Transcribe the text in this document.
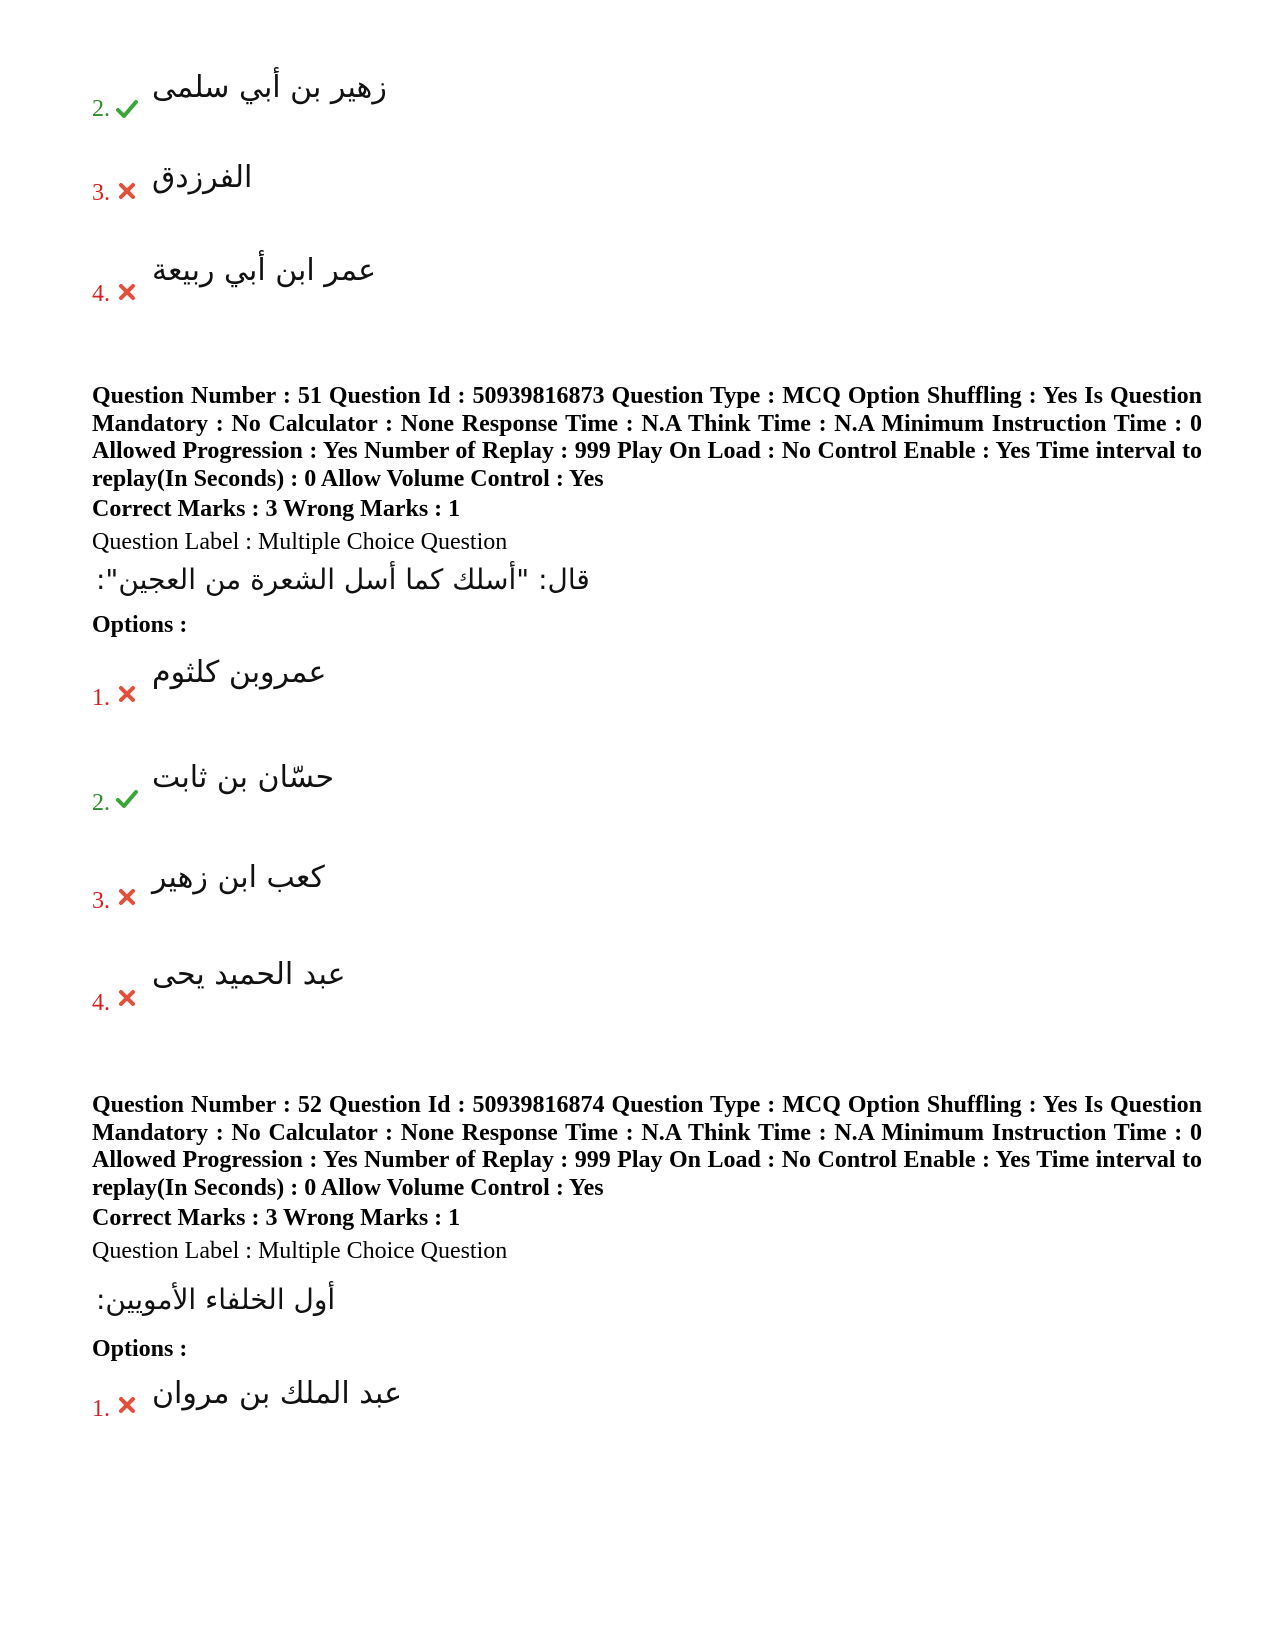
2.
زهير بن أبي سلمى
3. الفرزدق
4.
عمر ابن أبي ربيعة
Question Number : 51 Question Id : 50939816873 Question Type : MCQ Option Shuffling : Yes Is Question Mandatory : No Calculator : None Response Time : N.A Think Time : N.A Minimum Instruction Time : 0 Allowed Progression : Yes Number of Replay : 999 Play On Load : No Control Enable : Yes Time interval to replay(In Seconds) : 0 Allow Volume Control : Yes
Correct Marks : 3 Wrong Marks : 1
Question Label : Multiple Choice Question
قال: "أسلك كما أسل الشعرة من العجين":
Options :
1.
عمروبن كلثوم
2.
حسّان بن ثابت
3.
كعب ابن زهير
4.
عبد الحميد يحى
Question Number : 52 Question Id : 50939816874 Question Type : MCQ Option Shuffling : Yes Is Question Mandatory : No Calculator : None Response Time : N.A Think Time : N.A Minimum Instruction Time : 0 Allowed Progression : Yes Number of Replay : 999 Play On Load : No Control Enable : Yes Time interval to replay(In Seconds) : 0 Allow Volume Control : Yes
Correct Marks : 3 Wrong Marks : 1
Question Label : Multiple Choice Question
أول الخلفاء الأمويين:
Options :
1. عبد الملك بن مروان
